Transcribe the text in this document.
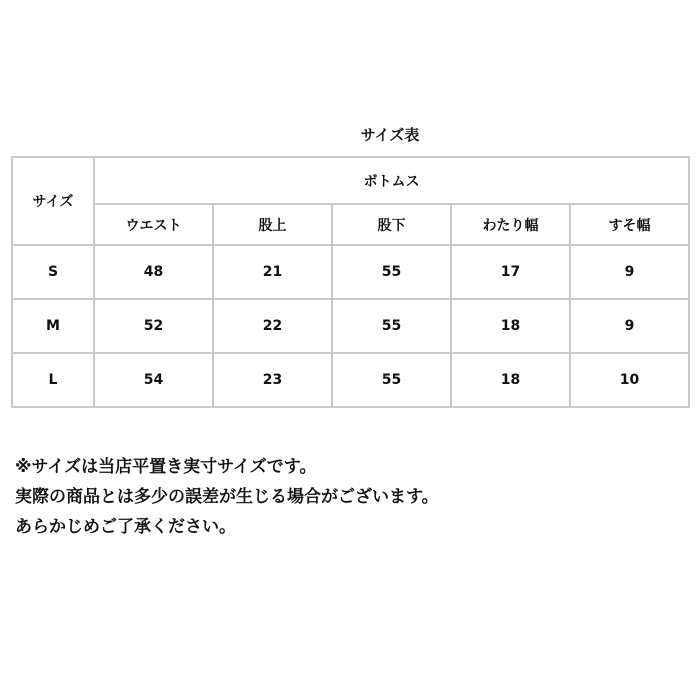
サイズ表
サイズ	ボトムス				
	ウエスト	股上	股下	わたり幅	すそ幅
S	48	21	55	17	9
M	52	22	55	18	9
L	54	23	55	18	10
※サイズは当店平置き実寸サイズです。
実際の商品とは多少の誤差が生じる場合がございます。
あらかじめご了承ください。
